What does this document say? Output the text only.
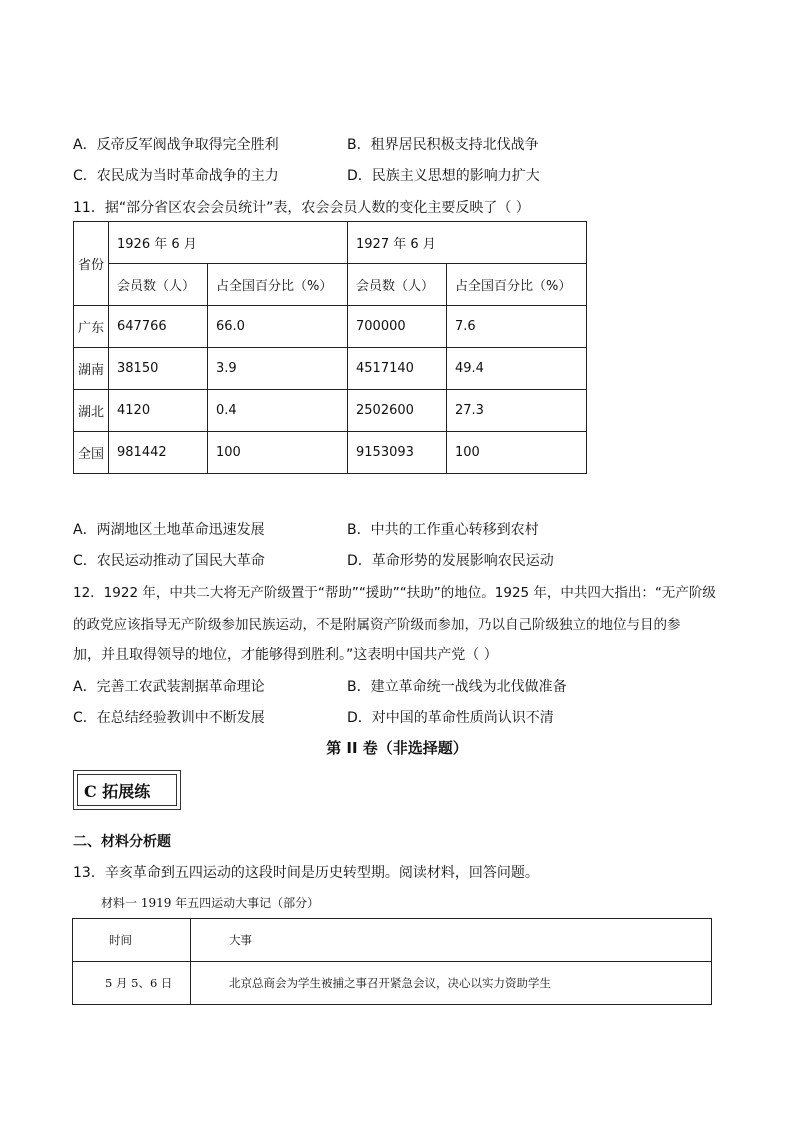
A．反帝反军阀战争取得完全胜利	B．租界居民积极支持北伐战争
C．农民成为当时革命战争的主力	D．民族主义思想的影响力扩大
11．据“部分省区农会会员统计”表，农会会员人数的变化主要反映了（ ）
省份	1926 年 6 月		1927 年 6 月	
	会员数（人）	占全国百分比（%）	会员数（人）	占全国百分比（%）
广东	647766	66.0	700000	7.6
湖南	38150	3.9	4517140	49.4
湖北	4120	0.4	2502600	27.3
全国	981442	100	9153093	100
A．两湖地区土地革命迅速发展	B．中共的工作重心转移到农村
C．农民运动推动了国民大革命	D．革命形势的发展影响农民运动
12．1922 年，中共二大将无产阶级置于“帮助”“援助”“扶助”的地位。1925 年，中共四大指出：“无产阶级
的政党应该指导无产阶级参加民族运动，不是附属资产阶级而参加，乃以自己阶级独立的地位与目的参
加，并且取得领导的地位，才能够得到胜利。”这表明中国共产党（ ）
A．完善工农武装割据革命理论	B．建立革命统一战线为北伐做准备
C．在总结经验教训中不断发展	D．对中国的革命性质尚认识不清
第 II 卷（非选择题）
C 拓展练
二、材料分析题
13．辛亥革命到五四运动的这段时间是历史转型期。阅读材料，回答问题。
材料一 1919 年五四运动大事记（部分）
时间	大事
5 月 5、6 日	北京总商会为学生被捕之事召开紧急会议，决心以实力资助学生
